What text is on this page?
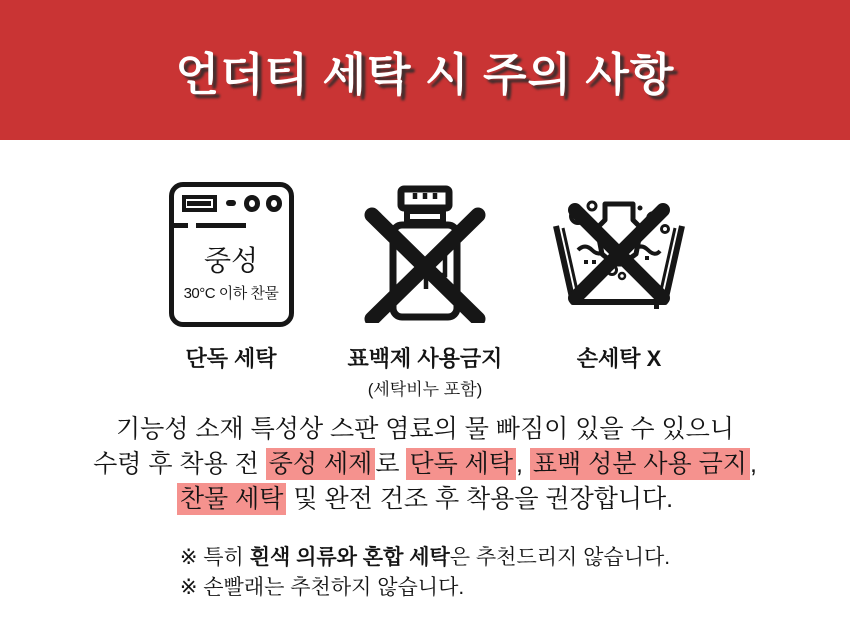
언더티 세탁 시 주의 사항
중성
30°C 이하 찬물
단독 세탁	표백제 사용금지
(세탁비누 포함)
손세탁 X

기능성 소재 특성상 스판 염료의 물 빠짐이 있을 수 있으니

수령 후 착용 전 중성 세제 로 단독 세탁 , 표백 성분 사용 금지 ,

찬물 세탁 및 완전 건조 후 착용을 권장합니다.

※ 특히 흰색 의류와 혼합 세탁은 추천드리지 않습니다.

※ 손빨래는 추천하지 않습니다.
